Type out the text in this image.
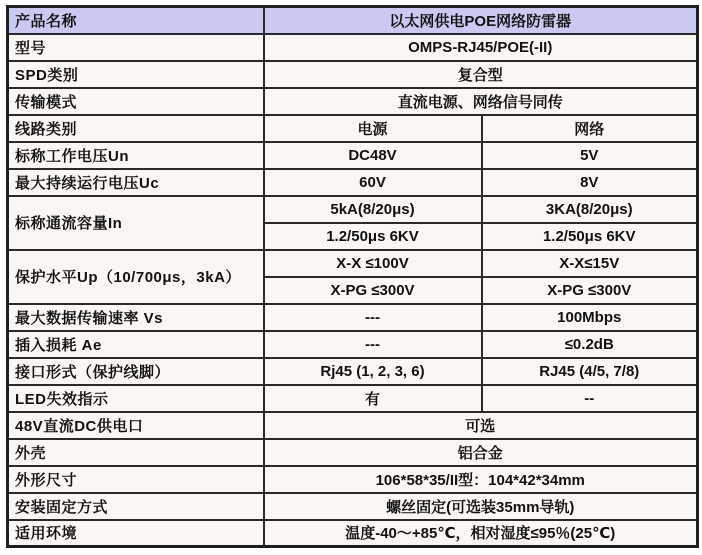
产品名称	以太网供电POE网络防雷器	
型号	OMPS-RJ45/POE(-II)	
SPD类别	复合型	
传输模式	直流电源、网络信号同传	
线路类别	电源	网络
标称工作电压Un	DC48V	5V
最大持续运行电压Uc	60V	8V
标称通流容量In	5kA(8/20μs)	3KA(8/20μs)
	1.2/50μs 6KV	1.2/50μs 6KV
保护水平Up（10/700μs，3kA）	X-X ≤100V	X-X≤15V
	X-PG ≤300V	X-PG ≤300V
最大数据传输速率 Vs	---	100Mbps
插入损耗 Ae	---	≤0.2dB
接口形式（保护线脚）	Rj45 (1, 2, 3, 6)	RJ45 (4/5, 7/8)
LED失效指示	有	--
48V直流DC供电口	可选	
外壳	铝合金	
外形尺寸	106*58*35/II型：104*42*34mm	
安装固定方式	螺丝固定(可选装35mm导轨)	
适用环境	温度-40～+85℃，相对湿度≤95％(25℃)	
